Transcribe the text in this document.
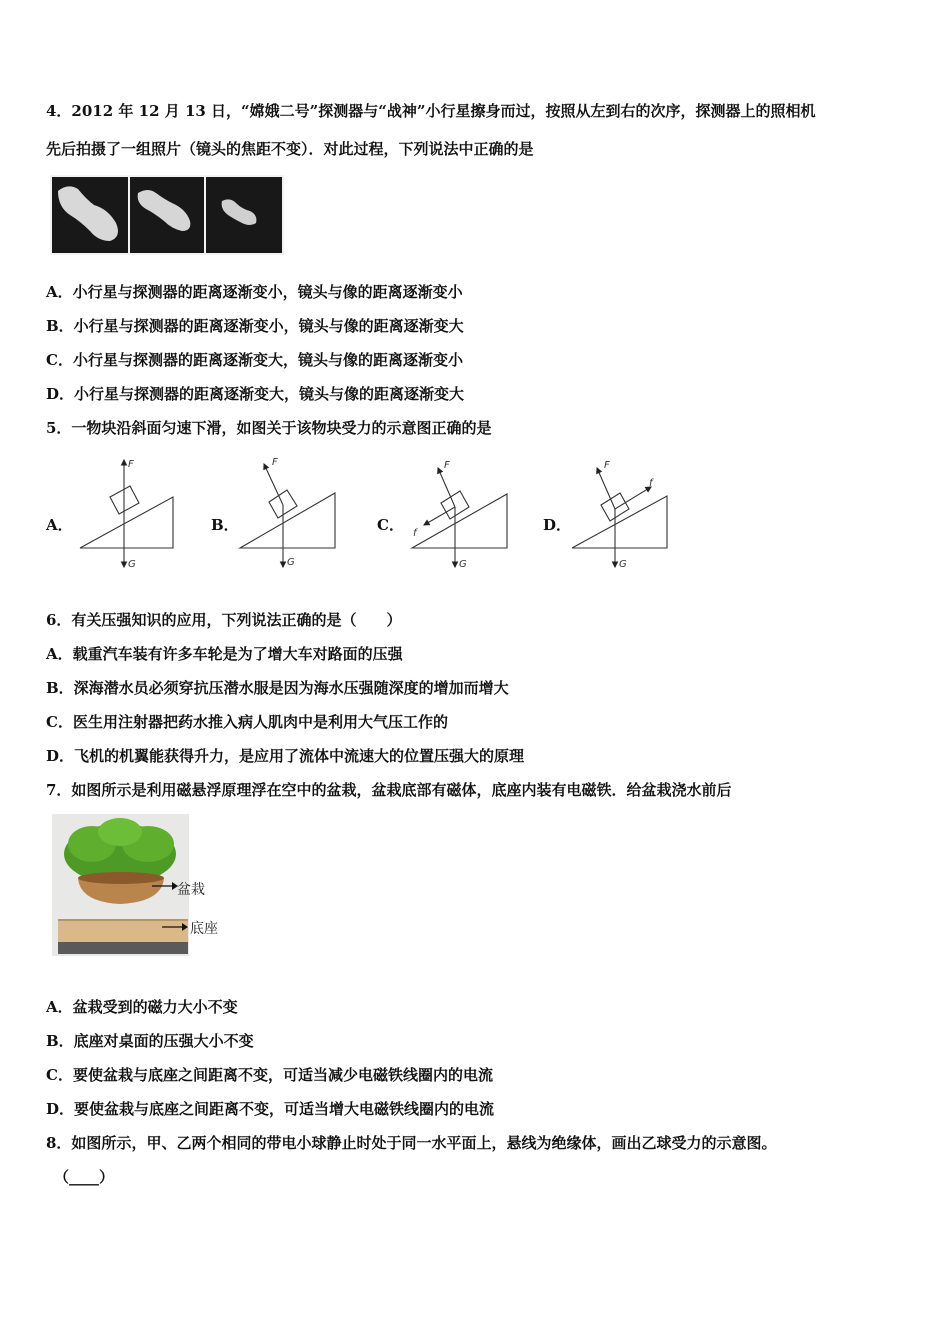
4．2012 年 12 月 13 日，“嫦娥二号”探测器与“战神”小行星擦身而过，按照从左到右的次序，探测器上的照相机
先后拍摄了一组照片（镜头的焦距不变）．对此过程，下列说法中正确的是
A．小行星与探测器的距离逐渐变小，镜头与像的距离逐渐变小
B．小行星与探测器的距离逐渐变小，镜头与像的距离逐渐变大
C．小行星与探测器的距离逐渐变大，镜头与像的距离逐渐变小
D．小行星与探测器的距离逐渐变大，镜头与像的距离逐渐变大
5．一物块沿斜面匀速下滑，如图关于该物块受力的示意图正确的是
A．	B．	C．	D．
F
G
F
G
F
G
f
F
G
f
6．有关压强知识的应用，下列说法正确的是（　　）
A．载重汽车装有许多车轮是为了增大车对路面的压强
B．深海潜水员必须穿抗压潜水服是因为海水压强随深度的增加而增大
C．医生用注射器把药水推入病人肌肉中是利用大气压工作的
D．飞机的机翼能获得升力，是应用了流体中流速大的位置压强大的原理
7．如图所示是利用磁悬浮原理浮在空中的盆栽，盆栽底部有磁体，底座内装有电磁铁．给盆栽浇水前后
盆栽
底座
A．盆栽受到的磁力大小不变
B．底座对桌面的压强大小不变
C．要使盆栽与底座之间距离不变，可适当减少电磁铁线圈内的电流
D．要使盆栽与底座之间距离不变，可适当增大电磁铁线圈内的电流
8．如图所示，甲、乙两个相同的带电小球静止时处于同一水平面上，悬线为绝缘体，画出乙球受力的示意图。
（____）
